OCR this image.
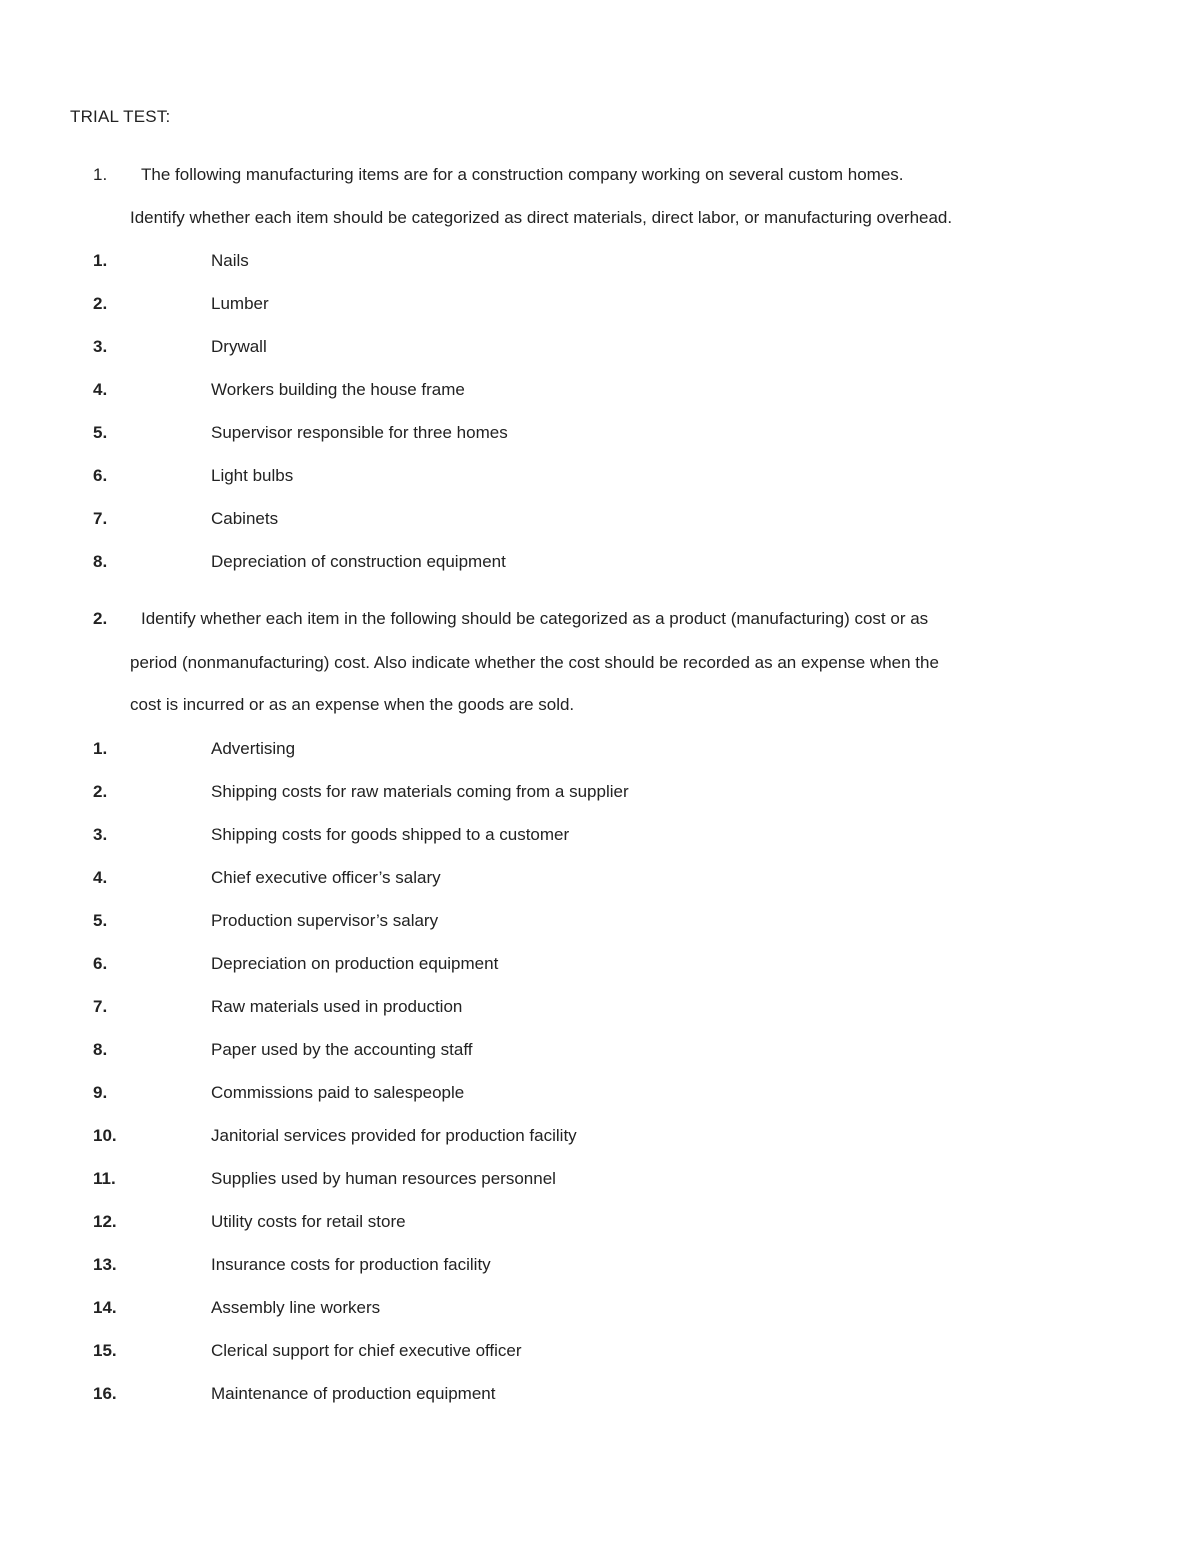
TRIAL TEST:
1. The following manufacturing items are for a construction company working on several custom homes.
Identify whether each item should be categorized as direct materials, direct labor, or manufacturing overhead.
1.	Nails
2.	Lumber
3.	Drywall
4.	Workers building the house frame
5.	Supervisor responsible for three homes
6.	Light bulbs
7.	Cabinets
8.	Depreciation of construction equipment
2. Identify whether each item in the following should be categorized as a product (manufacturing) cost or as
period (nonmanufacturing) cost. Also indicate whether the cost should be recorded as an expense when the
cost is incurred or as an expense when the goods are sold.
1.	Advertising
2.	Shipping costs for raw materials coming from a supplier
3.	Shipping costs for goods shipped to a customer
4.	Chief executive officer’s salary
5.	Production supervisor’s salary
6.	Depreciation on production equipment
7.	Raw materials used in production
8.	Paper used by the accounting staff
9.	Commissions paid to salespeople
10.	Janitorial services provided for production facility
11.	Supplies used by human resources personnel
12.	Utility costs for retail store
13.	Insurance costs for production facility
14.	Assembly line workers
15.	Clerical support for chief executive officer
16.	Maintenance of production equipment
